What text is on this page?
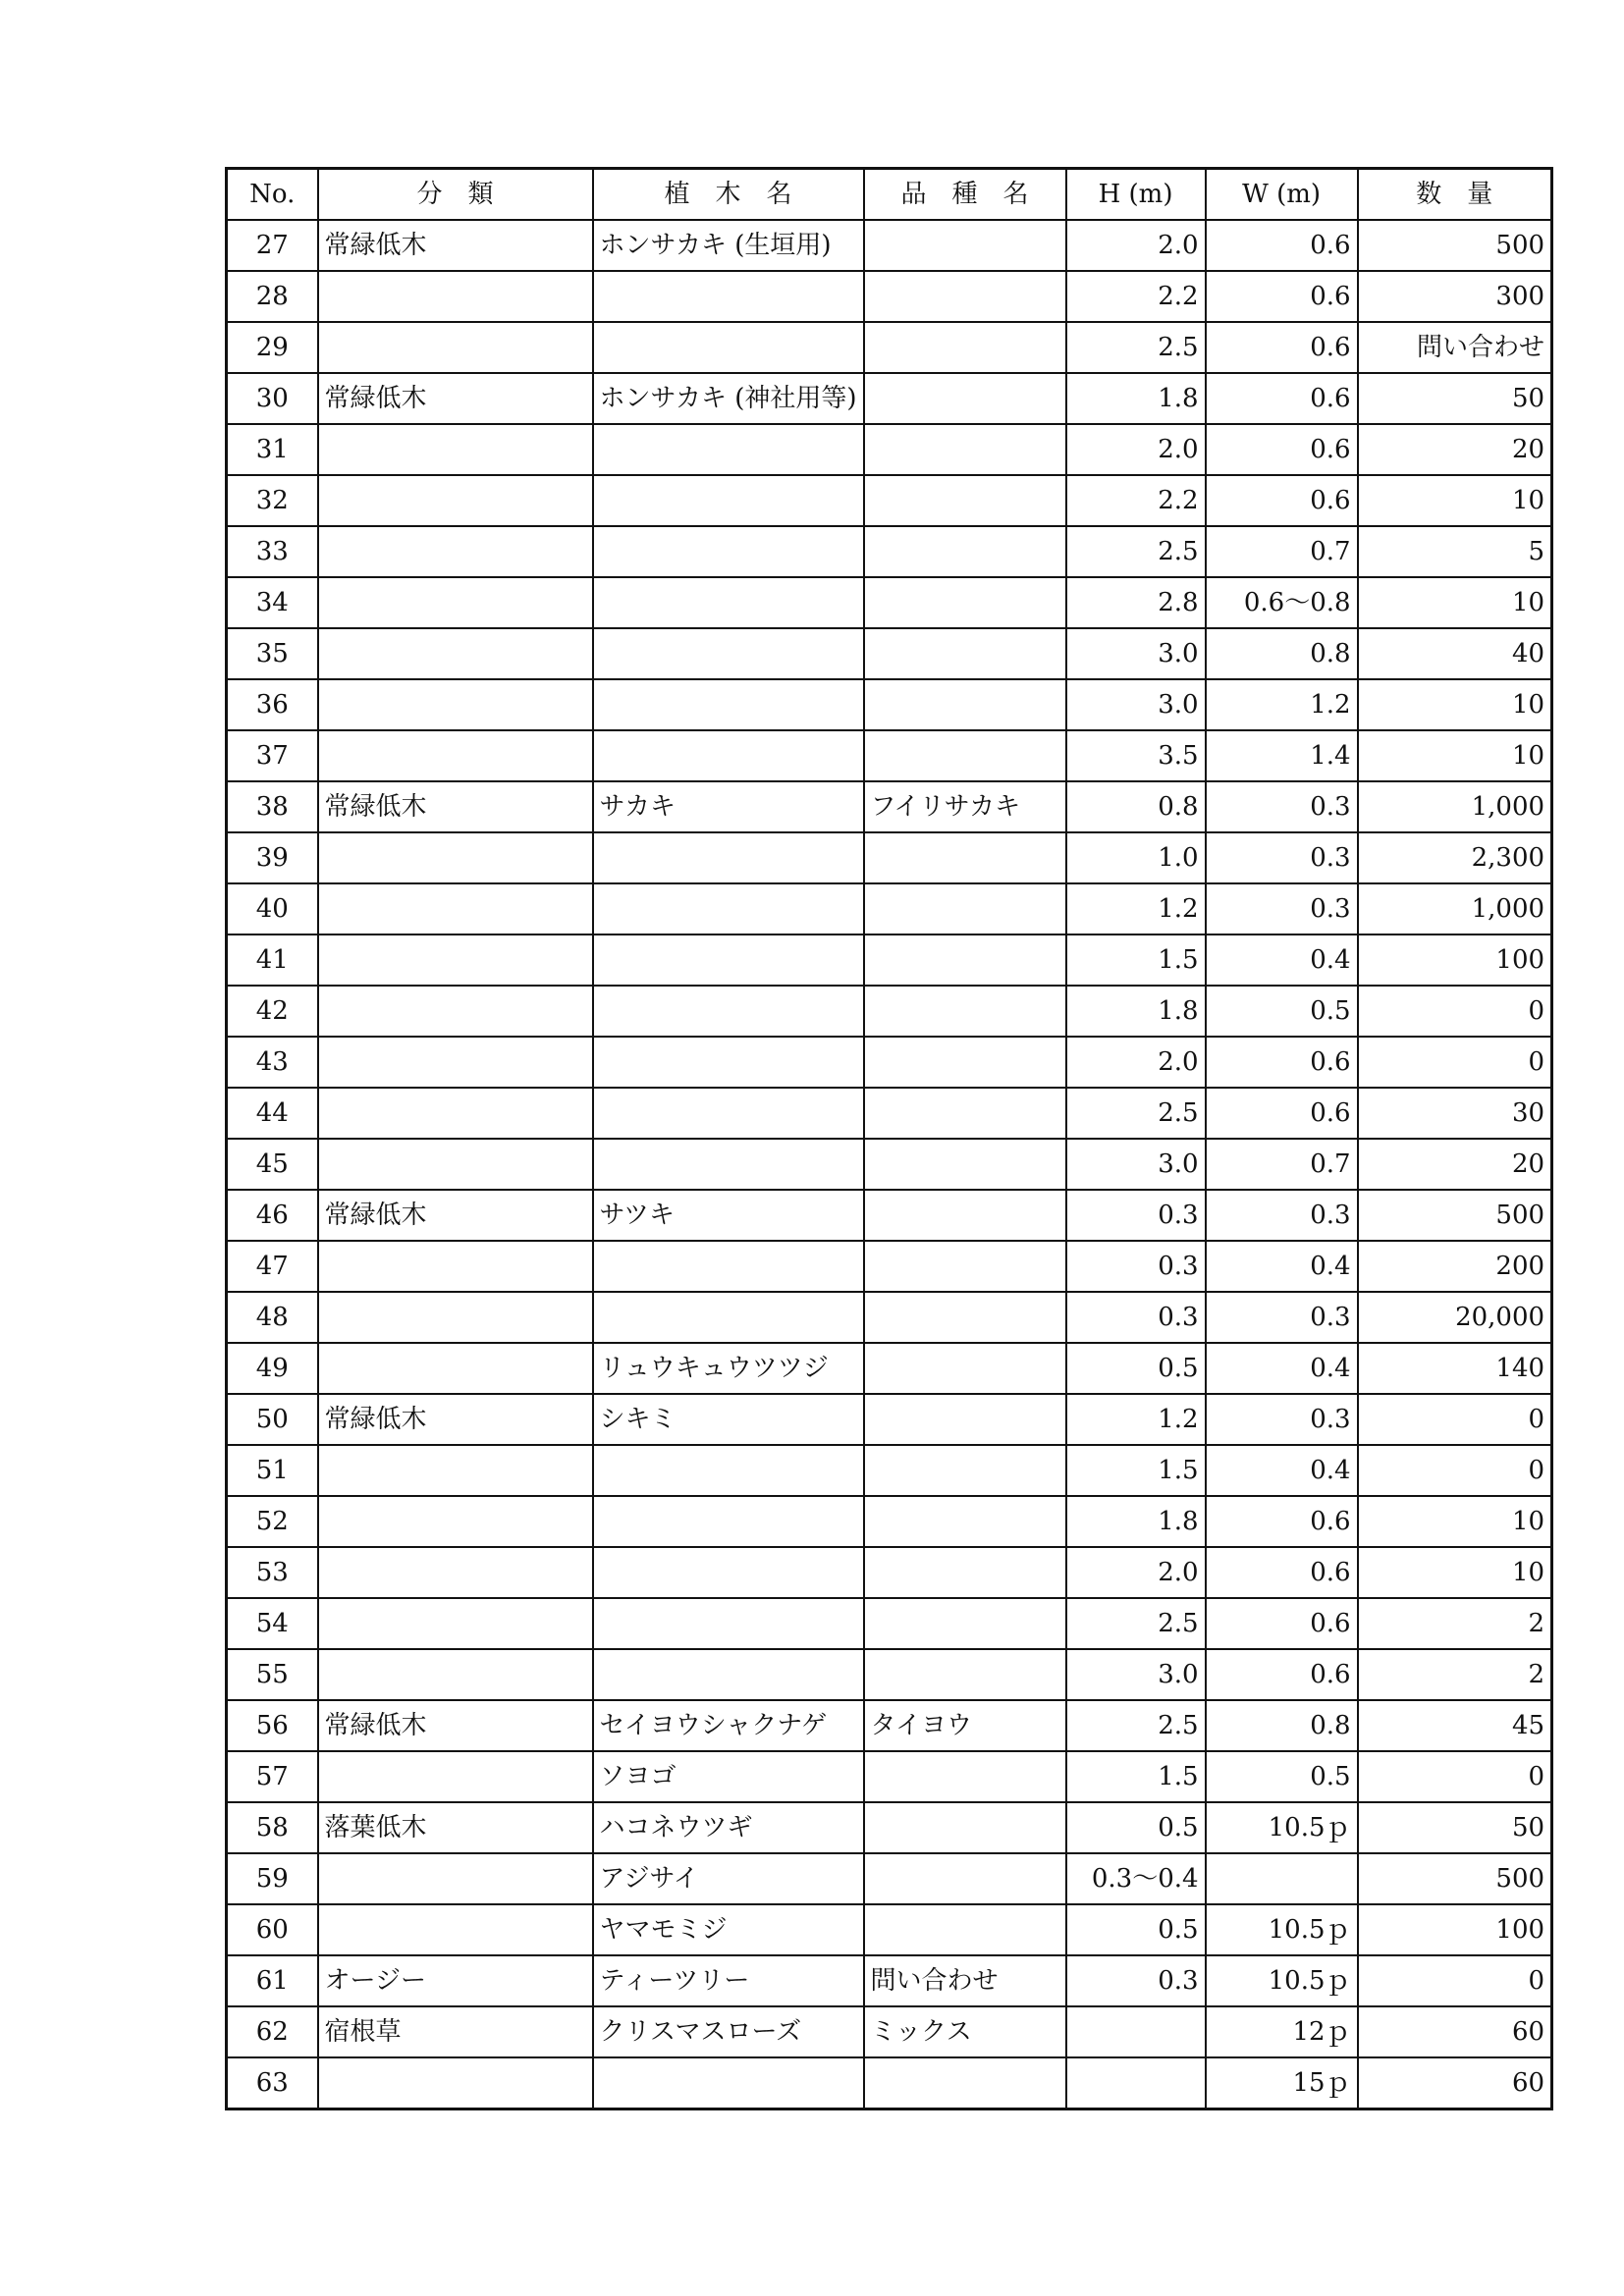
No.	分　類	植　木　名	品　種　名	H (m)	W (m)	数　量
27	常緑低木	ホンサカキ (生垣用)		2.0	0.6	500
28				2.2	0.6	300
29				2.5	0.6	問い合わせ
30	常緑低木	ホンサカキ (神社用等)		1.8	0.6	50
31				2.0	0.6	20
32				2.2	0.6	10
33				2.5	0.7	5
34				2.8	0.6～0.8	10
35				3.0	0.8	40
36				3.0	1.2	10
37				3.5	1.4	10
38	常緑低木	サカキ	フイリサカキ	0.8	0.3	1,000
39				1.0	0.3	2,300
40				1.2	0.3	1,000
41				1.5	0.4	100
42				1.8	0.5	0
43				2.0	0.6	0
44				2.5	0.6	30
45				3.0	0.7	20
46	常緑低木	サツキ		0.3	0.3	500
47				0.3	0.4	200
48				0.3	0.3	20,000
49		リュウキュウツツジ		0.5	0.4	140
50	常緑低木	シキミ		1.2	0.3	0
51				1.5	0.4	0
52				1.8	0.6	10
53				2.0	0.6	10
54				2.5	0.6	2
55				3.0	0.6	2
56	常緑低木	セイヨウシャクナゲ	タイヨウ	2.5	0.8	45
57		ソヨゴ		1.5	0.5	0
58	落葉低木	ハコネウツギ		0.5	10.5ｐ	50
59		アジサイ		0.3～0.4		500
60		ヤマモミジ		0.5	10.5ｐ	100
61	オージー	ティーツリー	問い合わせ	0.3	10.5ｐ	0
62	宿根草	クリスマスローズ	ミックス		12ｐ	60
63					15ｐ	60
